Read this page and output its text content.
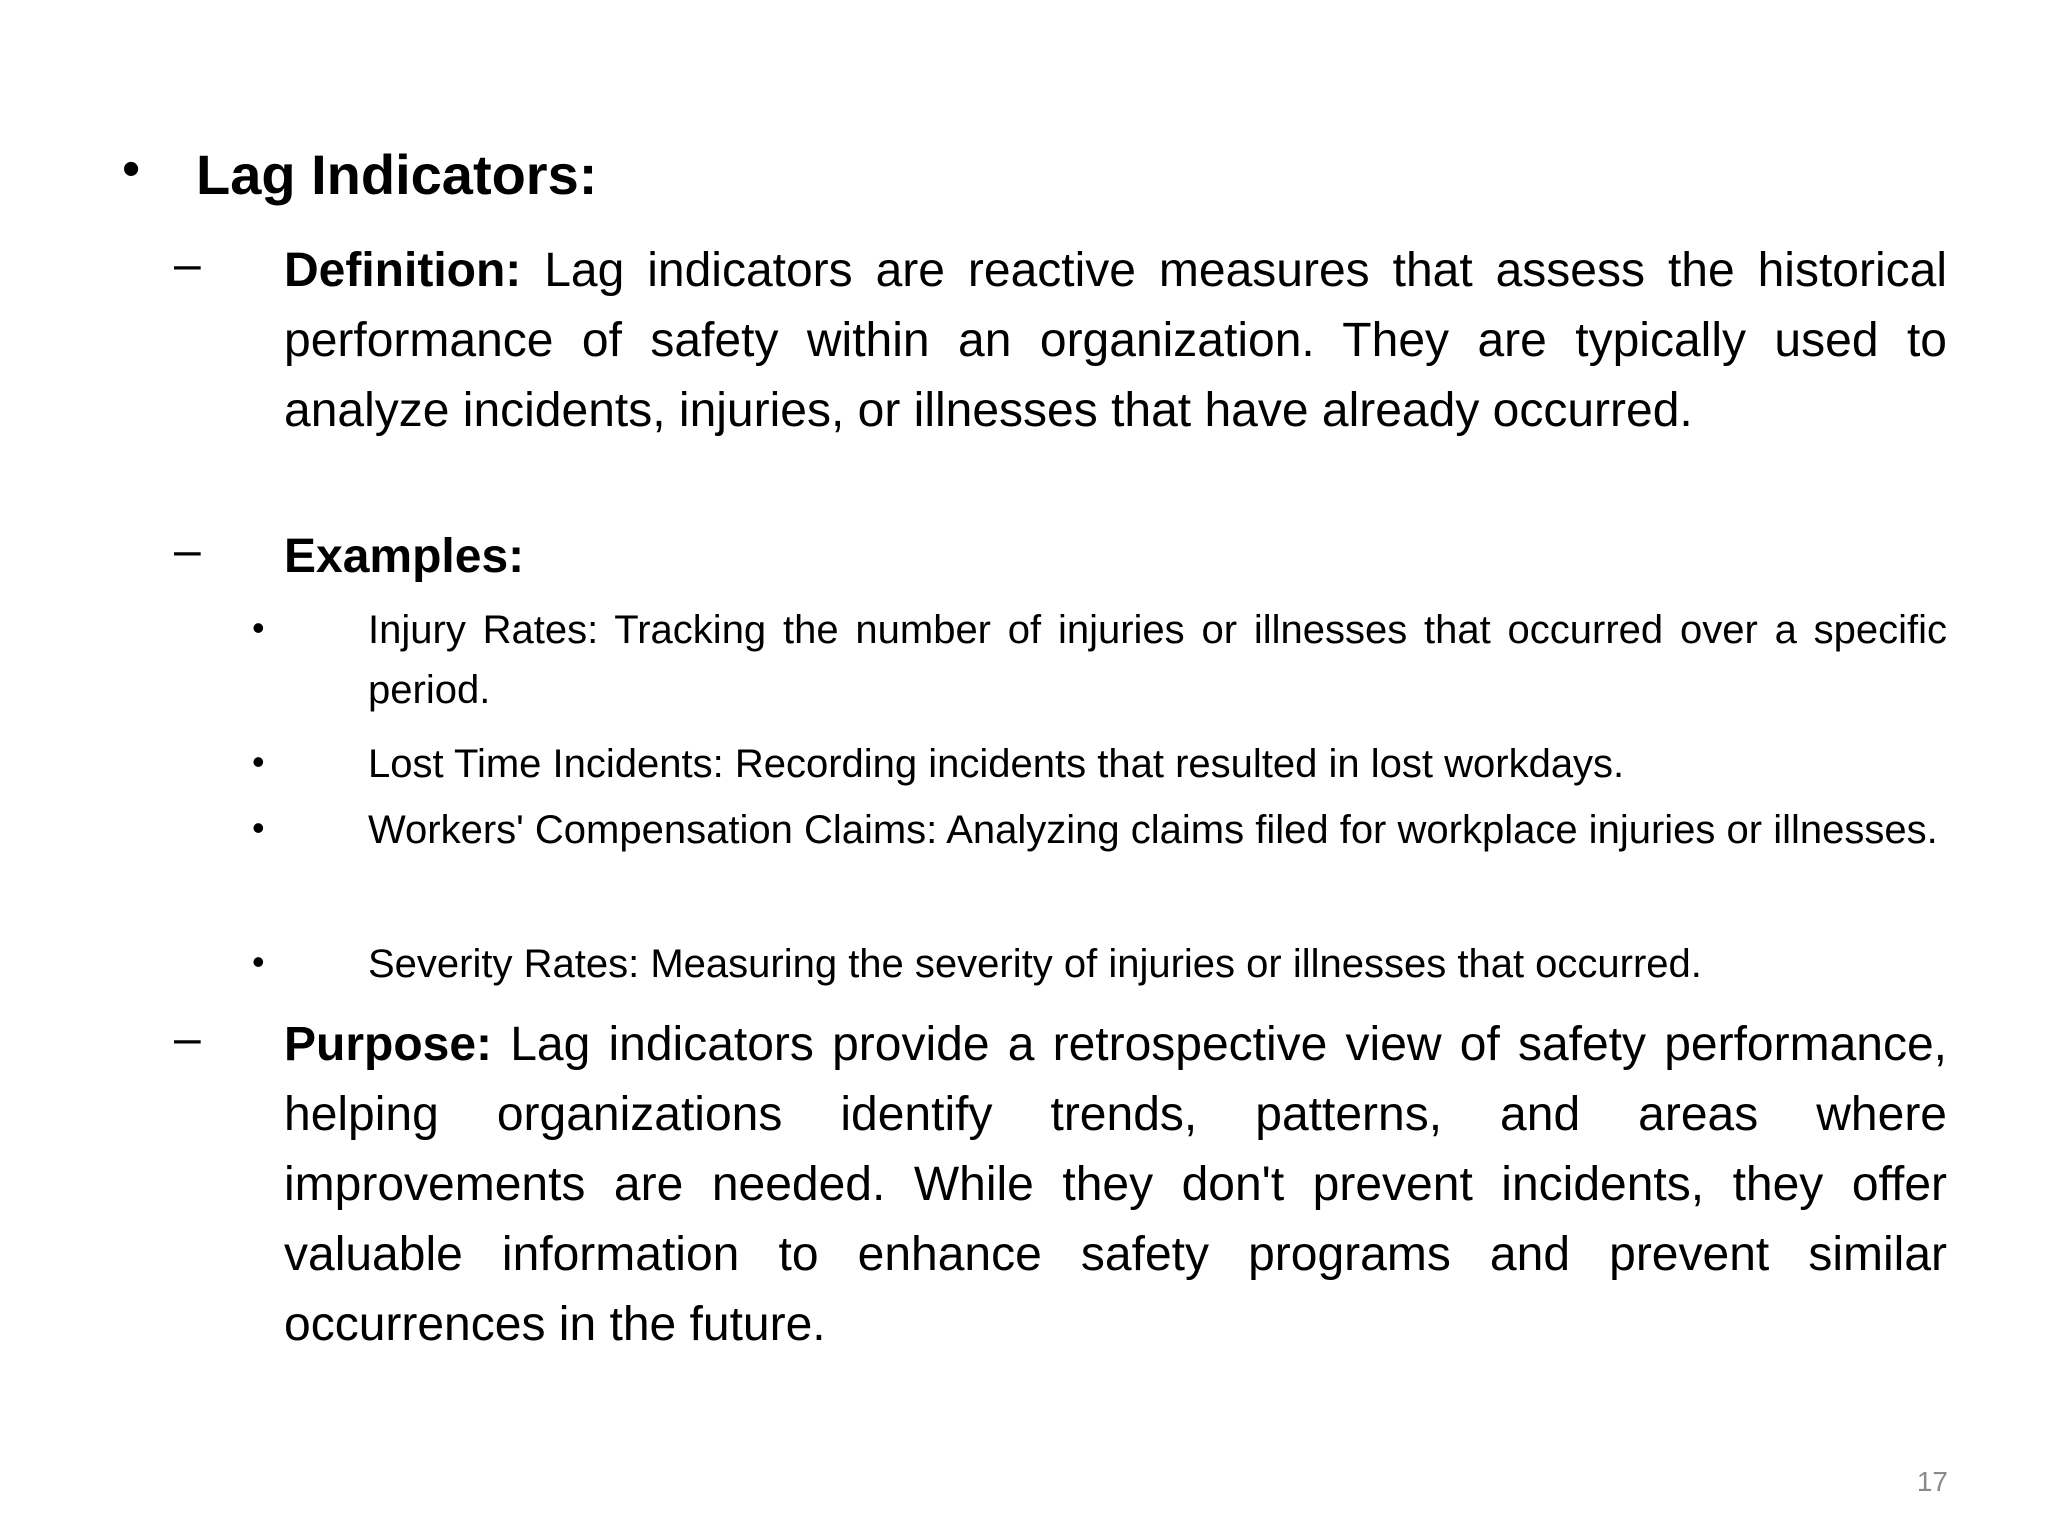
• Lag Indicators:
– Definition: Lag indicators are reactive measures that assess the historical performance of safety within an organization. They are typically used to analyze incidents, injuries, or illnesses that have already occurred.
– Examples:
•	Injury Rates: Tracking the number of injuries or illnesses that occurred over a specific period.
•	Lost Time Incidents: Recording incidents that resulted in lost workdays.
•	Workers' Compensation Claims: Analyzing claims filed for workplace injuries or illnesses.
•	Severity Rates: Measuring the severity of injuries or illnesses that occurred.
– Purpose: Lag indicators provide a retrospective view of safety performance, helping organizations identify trends, patterns, and areas where improvements are needed. While they don't prevent incidents, they offer valuable information to enhance safety programs and prevent similar occurrences in the future.
17
